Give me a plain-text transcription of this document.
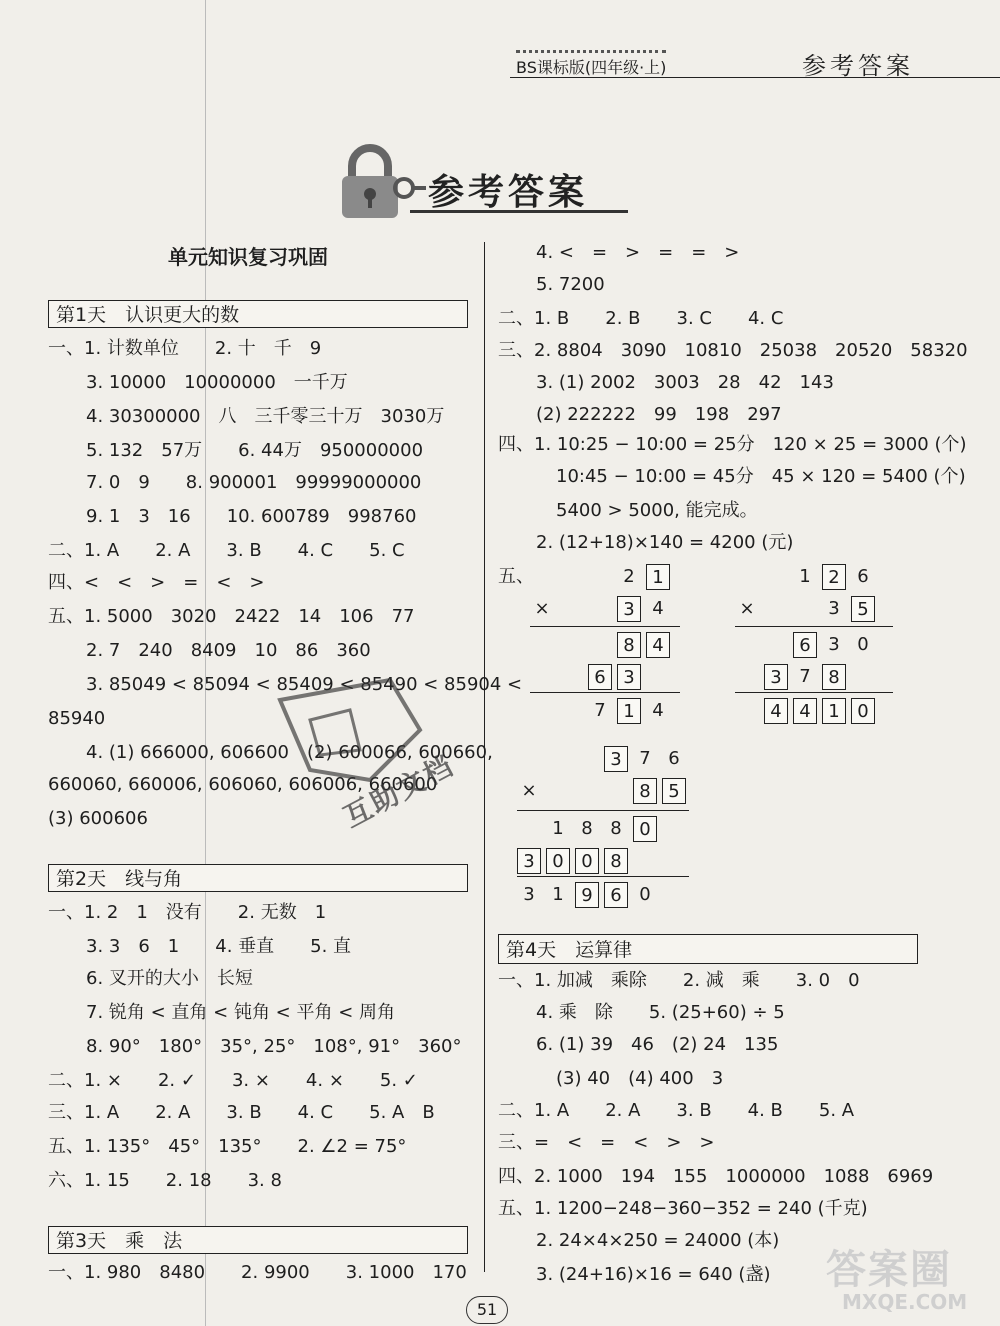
BS课标版(四年级·上)	参考答案
参考答案
单元知识复习巩固
第1天　认识更大的数
一、1. 计数单位　　2. 十　千　9
3. 10000　10000000　一千万
4. 30300000　八　三千零三十万　3030万
5. 132　57万　　6. 44万　950000000
7. 0　9　　8. 900001　99999000000
9. 1　3　16　　10. 600789　998760
二、1. A　　2. A　　3. B　　4. C　　5. C
四、<　<　>　=　<　>
五、1. 5000　3020　2422　14　106　77
2. 7　240　8409　10　86　360
3. 85049 < 85094 < 85409 < 85490 < 85904 <
85940
4. (1) 666000, 606600　(2) 600066, 600660,
660060, 660006, 606060, 606006, 660600
(3) 600606
第2天　线与角
一、1. 2　1　没有　　2. 无数　1
3. 3　6　1　　4. 垂直　　5. 直
6. 叉开的大小　长短
7. 锐角 < 直角 < 钝角 < 平角 < 周角
8. 90°　180°　35°, 25°　108°, 91°　360°
二、1. ×　　2. ✓　　3. ×　　4. ×　　5. ✓
三、1. A　　2. A　　3. B　　4. C　　5. A　B
五、1. 135°　45°　135°　　2. ∠2 = 75°
六、1. 15　　2. 18　　3. 8
第3天　乘　法
一、1. 980　8480　　2. 9900　　3. 1000　170
4. <　=　>　=　=　>
5. 7200
二、1. B　　2. B　　3. C　　4. C
三、2. 8804　3090　10810　25038　20520　58320
3. (1) 2002　3003　28　42　143
(2) 222222　99　198　297
四、1. 10:25 − 10:00 = 25分　120 × 25 = 3000 (个)
10:45 − 10:00 = 45分　45 × 120 = 5400 (个)
5400 > 5000, 能完成。
2. (12+18)×140 = 4200 (元)
五、	2 1
×	3 4
8 4
6 3
7 1 4
1 2 6
×	3 5
6 3 0
3 7 8
4 4 1 0
3 7 6
×	8 5
1 8 8 0
3 0 0 8
3 1 9 6 0
第4天　运算律
一、1. 加减　乘除　　2. 减　乘　　3. 0　0
4. 乘　除　　5. (25+60) ÷ 5
6. (1) 39　46　(2) 24　135
(3) 40　(4) 400　3
二、1. A　　2. A　　3. B　　4. B　　5. A
三、=　<　=　<　>　>
四、2. 1000　194　155　1000000　1088　6969
五、1. 1200−248−360−352 = 240 (千克)
2. 24×4×250 = 24000 (本)
3. (24+16)×16 = 640 (盏)
互助文档
51
答案圈
MXQE.COM
